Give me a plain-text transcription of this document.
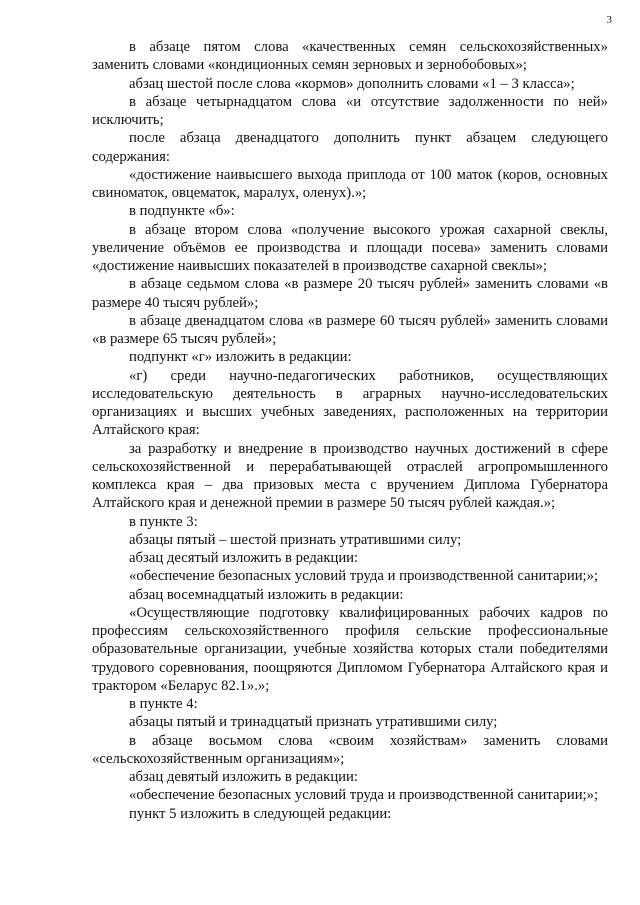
3

в абзаце пятом слова «качественных семян сельскохозяйственных» заменить словами «кондиционных семян зерновых и зернобобовых»;

абзац шестой после слова «кормов» дополнить словами «1 – 3 класса»;

в абзаце четырнадцатом слова «и отсутствие задолженности по ней» исключить;

после абзаца двенадцатого дополнить пункт абзацем следующего содержания:

«достижение наивысшего выхода приплода от 100 маток (коров, основных свиноматок, овцематок, маралух, оленух).»;

в подпункте «б»:

в абзаце втором слова «получение высокого урожая сахарной свеклы, увеличение объёмов ее производства и площади посева» заменить словами «достижение наивысших показателей в производстве сахарной свеклы»;

в абзаце седьмом слова «в размере 20 тысяч рублей» заменить словами «в размере 40 тысяч рублей»;

в абзаце двенадцатом слова «в размере 60 тысяч рублей» заменить словами «в размере 65 тысяч рублей»;

подпункт «г» изложить в редакции:

«г) среди научно-педагогических работников, осуществляющих исследовательскую деятельность в аграрных научно-исследовательских организациях и высших учебных заведениях, расположенных на территории Алтайского края:

за разработку и внедрение в производство научных достижений в сфере сельскохозяйственной и перерабатывающей отраслей агропромышленного комплекса края – два призовых места с вручением Диплома Губернатора Алтайского края и денежной премии в размере 50 тысяч рублей каждая.»;

в пункте 3:

абзацы пятый – шестой признать утратившими силу;

абзац десятый изложить в редакции:

«обеспечение безопасных условий труда и производственной санитарии;»;

абзац восемнадцатый изложить в редакции:

«Осуществляющие подготовку квалифицированных рабочих кадров по профессиям сельскохозяйственного профиля сельские профессиональные образовательные организации, учебные хозяйства которых стали победителями трудового соревнования, поощряются Дипломом Губернатора Алтайского края и трактором «Беларус 82.1».»;

в пункте 4:

абзацы пятый и тринадцатый признать утратившими силу;

в абзаце восьмом слова «своим хозяйствам» заменить словами «сельскохозяйственным организациям»;

абзац девятый изложить в редакции:

«обеспечение безопасных условий труда и производственной санитарии;»;

пункт 5 изложить в следующей редакции:
